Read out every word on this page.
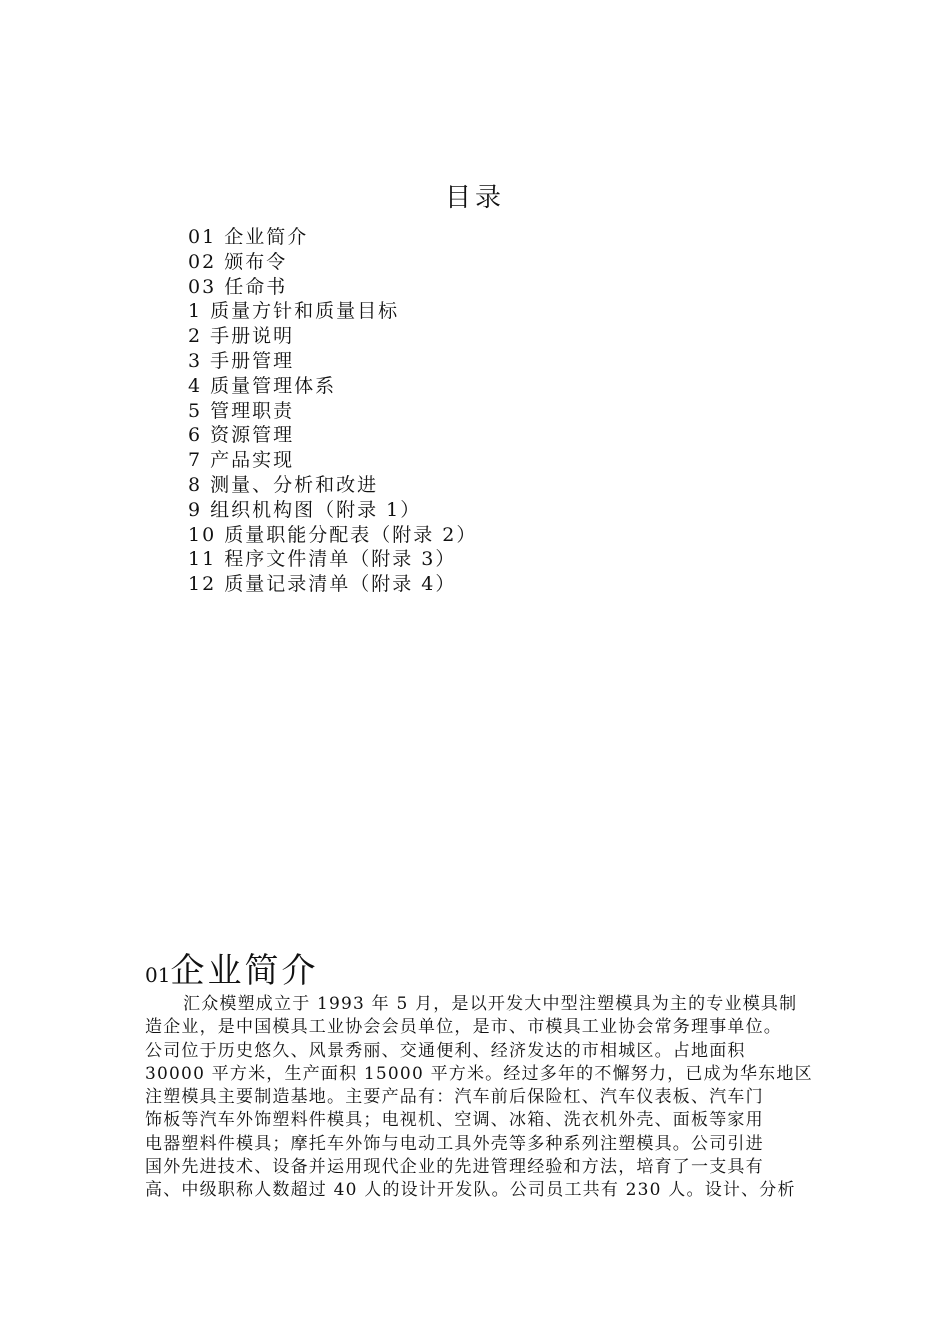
目录
01 企业简介
02 颁布令
03 任命书
1 质量方针和质量目标
2 手册说明
3 手册管理
4 质量管理体系
5 管理职责
6 资源管理
7 产品实现
8 测量、分析和改进
9 组织机构图（附录 1）
10 质量职能分配表（附录 2）
11 程序文件清单（附录 3）
12 质量记录清单（附录 4）
01企业简介
汇众模塑成立于 1993 年 5 月，是以开发大中型注塑模具为主的专业模具制
造企业，是中国模具工业协会会员单位，是市、市模具工业协会常务理事单位。
公司位于历史悠久、风景秀丽、交通便利、经济发达的市相城区。占地面积
30000 平方米，生产面积 15000 平方米。经过多年的不懈努力，已成为华东地区
注塑模具主要制造基地。主要产品有：汽车前后保险杠、汽车仪表板、汽车门
饰板等汽车外饰塑料件模具；电视机、空调、冰箱、洗衣机外壳、面板等家用
电器塑料件模具；摩托车外饰与电动工具外壳等多种系列注塑模具。公司引进
国外先进技术、设备并运用现代企业的先进管理经验和方法，培育了一支具有
高、中级职称人数超过 40 人的设计开发队。公司员工共有 230 人。设计、分析
